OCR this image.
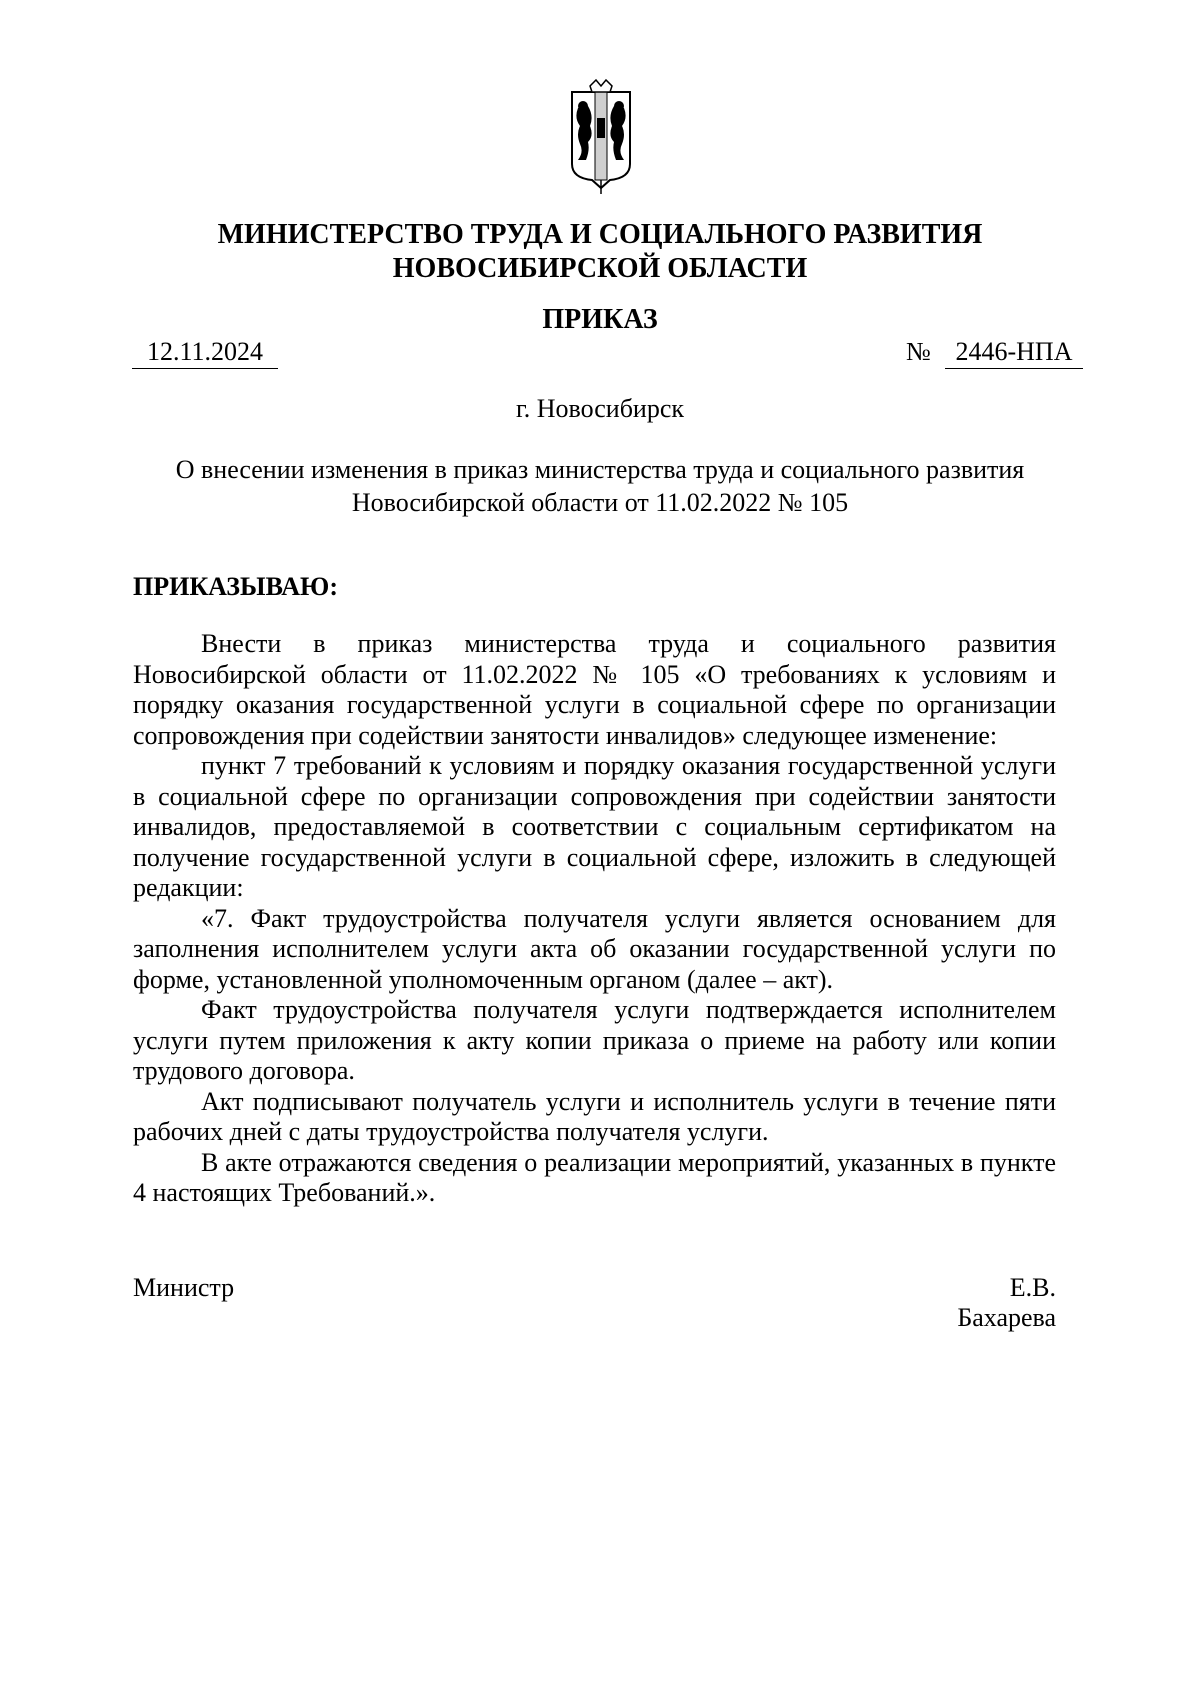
МИНИСТЕРСТВО ТРУДА И СОЦИАЛЬНОГО РАЗВИТИЯ
НОВОСИБИРСКОЙ ОБЛАСТИ
ПРИКАЗ
12.11.2024	№ 2446-НПА
г. Новосибирск
О внесении изменения в приказ министерства труда и социального развития
Новосибирской области от 11.02.2022 № 105
ПРИКАЗЫВАЮ:

Внести в приказ министерства труда и социального развития Новосибирской области от 11.02.2022 № 105 «О требованиях к условиям и порядку оказания государственной услуги в социальной сфере по организации сопровождения при содействии занятости инвалидов» следующее изменение:

пункт 7 требований к условиям и порядку оказания государственной услуги в социальной сфере по организации сопровождения при содействии занятости инвалидов, предоставляемой в соответствии с социальным сертификатом на получение государственной услуги в социальной сфере, изложить в следующей редакции:

«7. Факт трудоустройства получателя услуги является основанием для заполнения исполнителем услуги акта об оказании государственной услуги по форме, установленной уполномоченным органом (далее – акт).

Факт трудоустройства получателя услуги подтверждается исполнителем услуги путем приложения к акту копии приказа о приеме на работу или копии трудового договора.

Акт подписывают получатель услуги и исполнитель услуги в течение пяти рабочих дней с даты трудоустройства получателя услуги.

В акте отражаются сведения о реализации мероприятий, указанных в пункте 4 настоящих Требований.».

Министр	Е.В. Бахарева
